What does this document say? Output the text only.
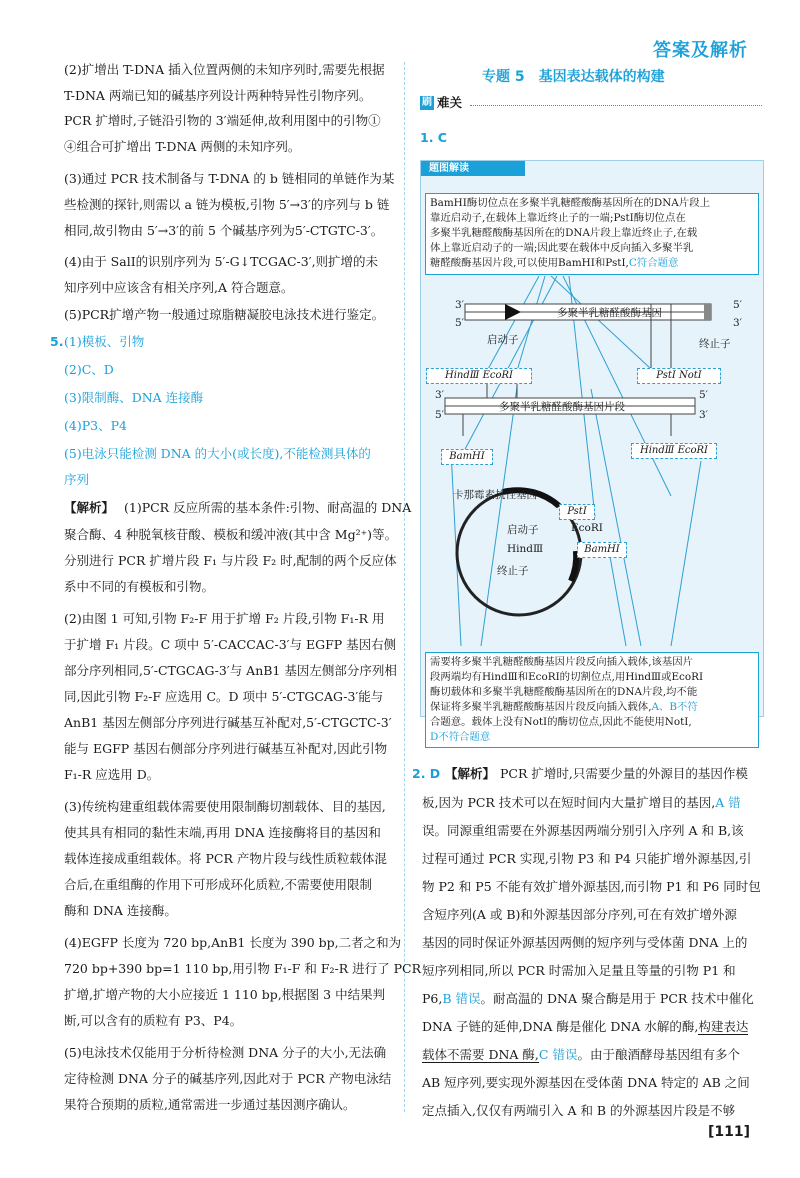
答案及解析
(2)扩增出 T-DNA 插入位置两侧的未知序列时,需要先根据
T-DNA 两端已知的碱基序列设计两种特异性引物序列。
PCR 扩增时,子链沿引物的 3′端延伸,故利用图中的引物①
④组合可扩增出 T-DNA 两侧的未知序列。
(3)通过 PCR 技术制备与 T-DNA 的 b 链相同的单链作为某
些检测的探针,则需以 a 链为模板,引物 5′→3′的序列与 b 链
相同,故引物由 5′→3′的前 5 个碱基序列为5′-CTGTC-3′。
(4)由于 SalⅠ的识别序列为 5′-G↓TCGAC-3′,则扩增的未
知序列中应该含有相关序列,A 符合题意。
(5)PCR扩增产物一般通过琼脂糖凝胶电泳技术进行鉴定。
5. (1)模板、引物
(2)C、D
(3)限制酶、DNA 连接酶
(4)P3、P4
(5)电泳只能检测 DNA 的大小(或长度),不能检测具体的
序列
【解析】 (1)PCR 反应所需的基本条件:引物、耐高温的 DNA
聚合酶、4 种脱氧核苷酸、模板和缓冲液(其中含 Mg²⁺)等。
分别进行 PCR 扩增片段 F₁ 与片段 F₂ 时,配制的两个反应体
系中不同的有模板和引物。
(2)由图 1 可知,引物 F₂-F 用于扩增 F₂ 片段,引物 F₁-R 用
于扩增 F₁ 片段。C 项中 5′-CACCAC-3′与 EGFP 基因右侧
部分序列相同,5′-CTGCAG-3′与 AnB1 基因左侧部分序列相
同,因此引物 F₂-F 应选用 C。D 项中 5′-CTGCAG-3′能与
AnB1 基因左侧部分序列进行碱基互补配对,5′-CTGCTC-3′
能与 EGFP 基因右侧部分序列进行碱基互补配对,因此引物
F₁-R 应选用 D。
(3)传统构建重组载体需要使用限制酶切割载体、目的基因,
使其具有相同的黏性末端,再用 DNA 连接酶将目的基因和
载体连接成重组载体。将 PCR 产物片段与线性质粒载体混
合后,在重组酶的作用下可形成环化质粒,不需要使用限制
酶和 DNA 连接酶。
(4)EGFP 长度为 720 bp,AnB1 长度为 390 bp,二者之和为
720 bp+390 bp=1 110 bp,用引物 F₁-F 和 F₂-R 进行了 PCR
扩增,扩增产物的大小应接近 1 110 bp,根据图 3 中结果判
断,可以含有的质粒有 P3、P4。
(5)电泳技术仅能用于分析待检测 DNA 分子的大小,无法确
定待检测 DNA 分子的碱基序列,因此对于 PCR 产物电泳结
果符合预期的质粒,通常需进一步通过基因测序确认。
专题 5　基因表达载体的构建
刷 难关
1. C
题图解读
BamHⅠ酶切位点在多聚半乳糖醛酸酶基因所在的DNA片段上
靠近启动子,在载体上靠近终止子的一端;PstⅠ酶切位点在
多聚半乳糖醛酸酶基因所在的DNA片段上靠近终止子,在载
体上靠近启动子的一端;因此要在载体中反向插入多聚半乳
糖醛酸酶基因片段,可以使用BamHⅠ和PstⅠ,C符合题意
3′
5′
5′
3′
多聚半乳糖醛酸酶基因
启动子	终止子
HindⅢ EcoRⅠ	PstⅠ NotⅠ
3′
5′
5′
3′
多聚半乳糖醛酸酶基因片段
BamHⅠ
HindⅢ EcoRⅠ
卡那霉素抗性基因
PstⅠ
启动子	EcoRⅠ
HindⅢ	BamHⅠ
终止子
需要将多聚半乳糖醛酸酶基因片段反向插入载体,该基因片
段两端均有HindⅢ和EcoRⅠ的切割位点,用HindⅢ或EcoRⅠ
酶切载体和多聚半乳糖醛酸酶基因所在的DNA片段,均不能
保证将多聚半乳糖醛酸酶基因片段反向插入载体,A、B不符
合题意。载体上没有NotⅠ的酶切位点,因此不能使用NotⅠ,
D不符合题意
2. D 【解析】 PCR 扩增时,只需要少量的外源目的基因作模
板,因为 PCR 技术可以在短时间内大量扩增目的基因,A 错
误。同源重组需要在外源基因两端分别引入序列 A 和 B,该
过程可通过 PCR 实现,引物 P3 和 P4 只能扩增外源基因,引
物 P2 和 P5 不能有效扩增外源基因,而引物 P1 和 P6 同时包
含短序列(A 或 B)和外源基因部分序列,可在有效扩增外源
基因的同时保证外源基因两侧的短序列与受体菌 DNA 上的
短序列相同,所以 PCR 时需加入足量且等量的引物 P1 和
P6,B 错误。耐高温的 DNA 聚合酶是用于 PCR 技术中催化
DNA 子链的延伸,DNA 酶是催化 DNA 水解的酶,构建表达
载体不需要 DNA 酶,C 错误。由于酿酒酵母基因组有多个
AB 短序列,要实现外源基因在受体菌 DNA 特定的 AB 之间
定点插入,仅仅有两端引入 A 和 B 的外源基因片段是不够
[111]
